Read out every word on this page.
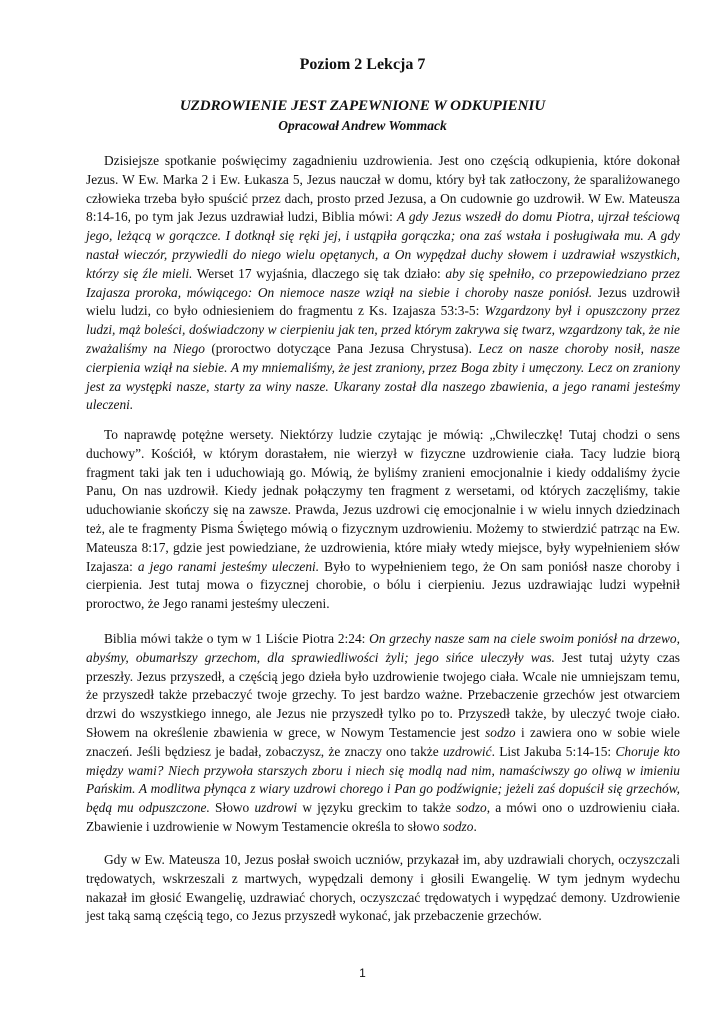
Poziom 2 Lekcja 7
UZDROWIENIE JEST ZAPEWNIONE W ODKUPIENIU
Opracował Andrew Wommack

Dzisiejsze spotkanie poświęcimy zagadnieniu uzdrowienia. Jest ono częścią odkupienia, które dokonał Jezus. W Ew. Marka 2 i Ew. Łukasza 5, Jezus nauczał w domu, który był tak zatłoczony, że sparaliżowanego człowieka trzeba było spuścić przez dach, prosto przed Jezusa, a On cudownie go uzdrowił. W Ew. Mateusza 8:14-16, po tym jak Jezus uzdrawiał ludzi, Biblia mówi: A gdy Jezus wszedł do domu Piotra, ujrzał teściową jego, leżącą w gorączce. I dotknął się ręki jej, i ustąpiła gorączka; ona zaś wstała i posługiwała mu. A gdy nastał wieczór, przywiedli do niego wielu opętanych, a On wypędzał duchy słowem i uzdrawiał wszystkich, którzy się źle mieli. Werset 17 wyjaśnia, dlaczego się tak działo: aby się spełniło, co przepowiedziano przez Izajasza proroka, mówiącego: On niemoce nasze wziął na siebie i choroby nasze poniósł. Jezus uzdrowił wielu ludzi, co było odniesieniem do fragmentu z Ks. Izajasza 53:3-5: Wzgardzony był i opuszczony przez ludzi, mąż boleści, doświadczony w cierpieniu jak ten, przed którym zakrywa się twarz, wzgardzony tak, że nie zważaliśmy na Niego (proroctwo dotyczące Pana Jezusa Chrystusa). Lecz on nasze choroby nosił, nasze cierpienia wziął na siebie. A my mniemaliśmy, że jest zraniony, przez Boga zbity i umęczony. Lecz on zraniony jest za występki nasze, starty za winy nasze. Ukarany został dla naszego zbawienia, a jego ranami jesteśmy uleczeni.

To naprawdę potężne wersety. Niektórzy ludzie czytając je mówią: „Chwileczkę! Tutaj chodzi o sens duchowy”. Kościół, w którym dorastałem, nie wierzył w fizyczne uzdrowienie ciała. Tacy ludzie biorą fragment taki jak ten i uduchowiają go. Mówią, że byliśmy zranieni emocjonalnie i kiedy oddaliśmy życie Panu, On nas uzdrowił. Kiedy jednak połączymy ten fragment z wersetami, od których zaczęliśmy, takie uduchowianie skończy się na zawsze. Prawda, Jezus uzdrowi cię emocjonalnie i w wielu innych dziedzinach też, ale te fragmenty Pisma Świętego mówią o fizycznym uzdrowieniu. Możemy to stwierdzić patrząc na Ew. Mateusza 8:17, gdzie jest powiedziane, że uzdrowienia, które miały wtedy miejsce, były wypełnieniem słów Izajasza: a jego ranami jesteśmy uleczeni. Było to wypełnieniem tego, że On sam poniósł nasze choroby i cierpienia. Jest tutaj mowa o fizycznej chorobie, o bólu i cierpieniu. Jezus uzdrawiając ludzi wypełnił proroctwo, że Jego ranami jesteśmy uleczeni.

Biblia mówi także o tym w 1 Liście Piotra 2:24: On grzechy nasze sam na ciele swoim poniósł na drzewo, abyśmy, obumarłszy grzechom, dla sprawiedliwości żyli; jego sińce uleczyły was. Jest tutaj użyty czas przeszły. Jezus przyszedł, a częścią jego dzieła było uzdrowienie twojego ciała. Wcale nie umniejszam temu, że przyszedł także przebaczyć twoje grzechy. To jest bardzo ważne. Przebaczenie grzechów jest otwarciem drzwi do wszystkiego innego, ale Jezus nie przyszedł tylko po to. Przyszedł także, by uleczyć twoje ciało. Słowem na określenie zbawienia w grece, w Nowym Testamencie jest sodzo i zawiera ono w sobie wiele znaczeń. Jeśli będziesz je badał, zobaczysz, że znaczy ono także uzdrowić. List Jakuba 5:14-15: Choruje kto między wami? Niech przywoła starszych zboru i niech się modlą nad nim, namaściwszy go oliwą w imieniu Pańskim. A modlitwa płynąca z wiary uzdrowi chorego i Pan go podźwignie; jeżeli zaś dopuścił się grzechów, będą mu odpuszczone. Słowo uzdrowi w języku greckim to także sodzo, a mówi ono o uzdrowieniu ciała. Zbawienie i uzdrowienie w Nowym Testamencie określa to słowo sodzo.

Gdy w Ew. Mateusza 10, Jezus posłał swoich uczniów, przykazał im, aby uzdrawiali chorych, oczyszczali trędowatych, wskrzeszali z martwych, wypędzali demony i głosili Ewangelię. W tym jednym wydechu nakazał im głosić Ewangelię, uzdrawiać chorych, oczyszczać trędowatych i wypędzać demony. Uzdrowienie jest taką samą częścią tego, co Jezus przyszedł wykonać, jak przebaczenie grzechów.

1
